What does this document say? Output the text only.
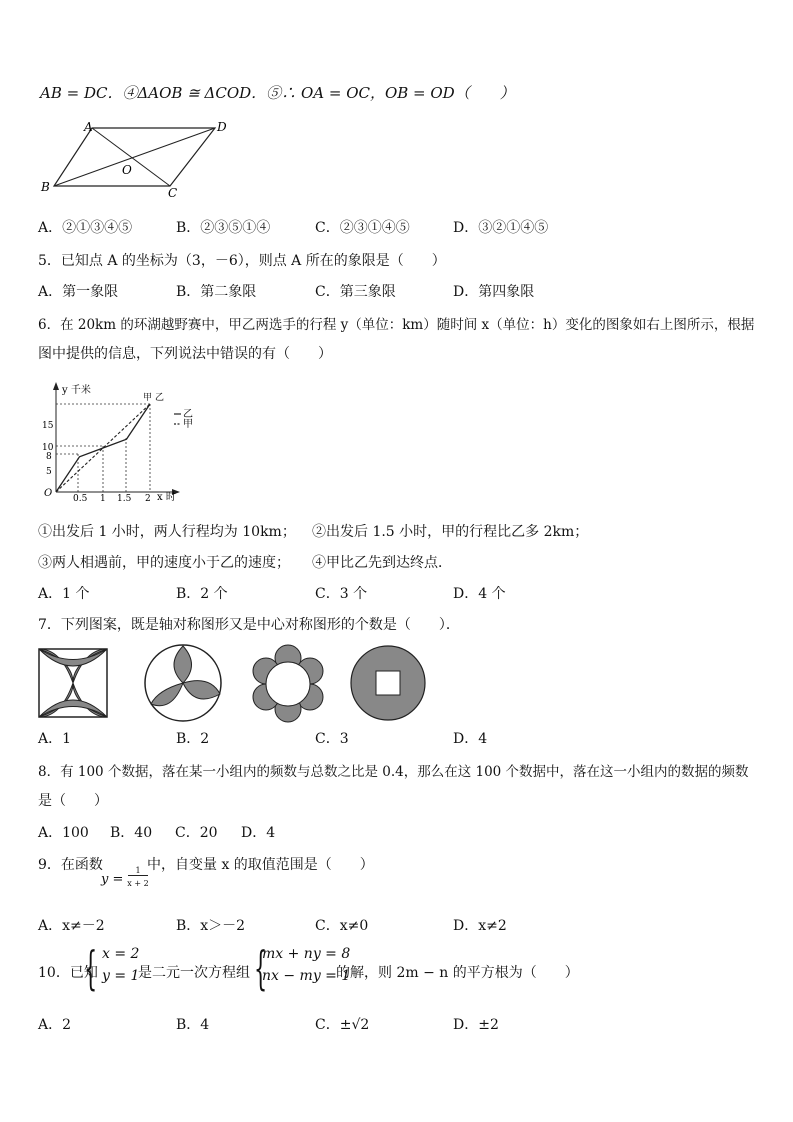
AB = DC．④ΔAOB ≅ ΔCOD．⑤∴ OA = OC，OB = OD（　　）
A	D
B	C
O
A．②①③④⑤	B．②③⑤①④	C．②③①④⑤	D．③②①④⑤
5．已知点 A 的坐标为（3，－6），则点 A 所在的象限是（　　）
A．第一象限	B．第二象限	C．第三象限	D．第四象限
6．在 20km 的环湖越野赛中，甲乙两选手的行程 y（单位：km）随时间 x（单位：h）变化的图象如右上图所示，根据
图中提供的信息，下列说法中错误的有（　　）
y 千米
x 时
O
5
8
10
15
0.5 1 1.5 2
甲 乙
乙
甲
①出发后 1 小时，两人行程均为 10km； ②出发后 1.5 小时，甲的行程比乙多 2km；
③两人相遇前，甲的速度小于乙的速度； ④甲比乙先到达终点．
A．1 个	B．2 个	C．3 个	D．4 个
7．下列图案，既是轴对称图形又是中心对称图形的个数是（　　）．
A．1	B．2	C．3	D．4
8．有 100 个数据，落在某一小组内的频数与总数之比是 0.4，那么在这 100 个数据中，落在这一小组内的数据的频数
是（　　）
A．100 B．40 C．20 D．4
9．在函数	中，自变量 x 的取值范围是（　　）
y =
1
x + 2
A．x≠－2	B．x＞－2	C．x≠0	D．x≠2
10．已知
{ x = 2
y = 1
是二元一次方程组 {
mx + ny = 8
nx − my = 1
的解，则 2m − n 的平方根为（　　）
A．2	B．4	C．±√2	D．±2
